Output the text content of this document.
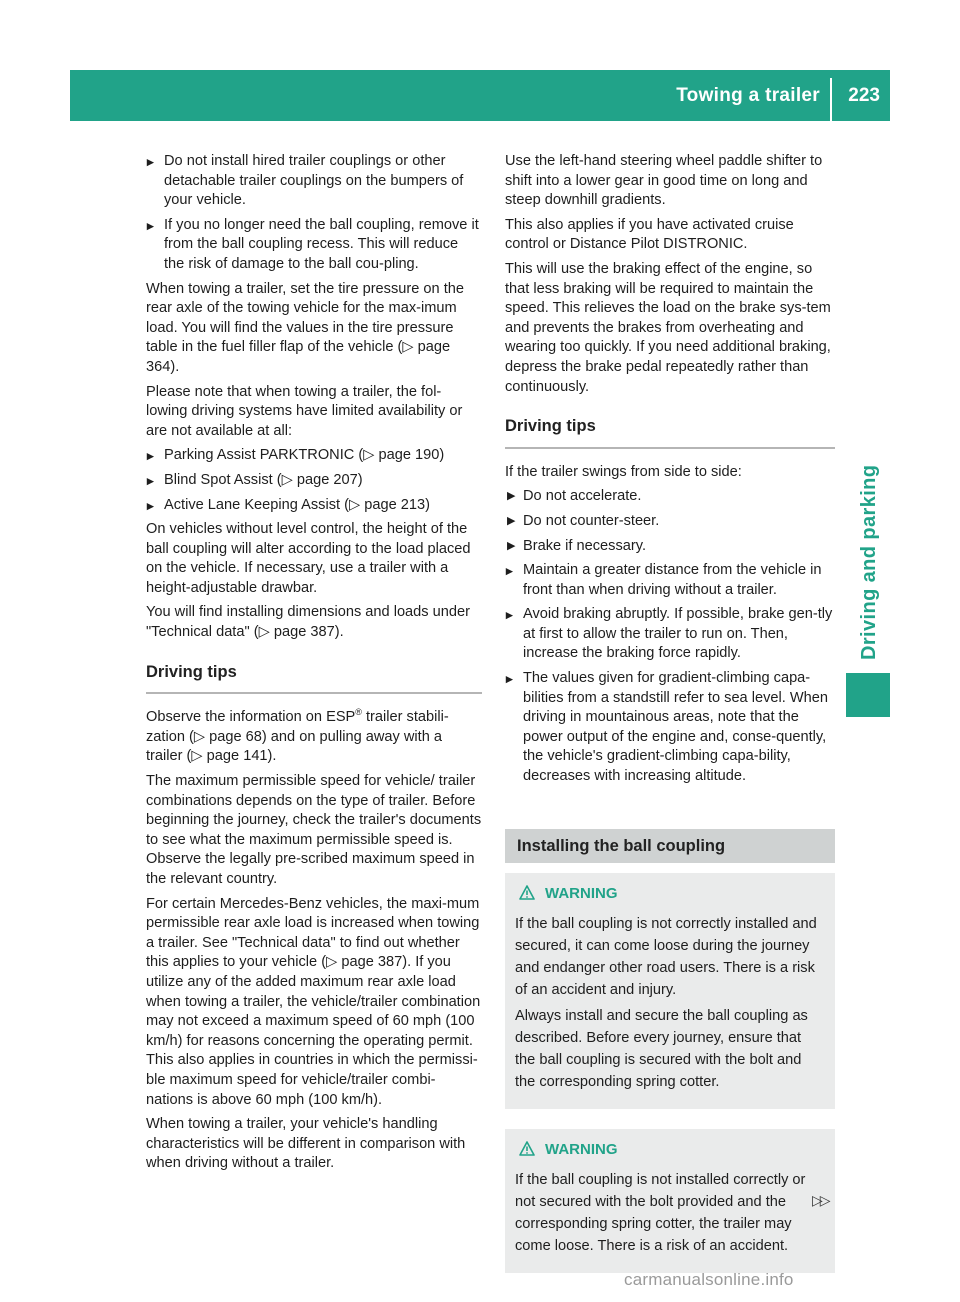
Towing a trailer 223
Driving and parking
▸ Do not install hired trailer couplings or other detachable trailer couplings on the bumpers of your vehicle.
▸ If you no longer need the ball coupling, remove it from the ball coupling recess. This will reduce the risk of damage to the ball cou-pling.

When towing a trailer, set the tire pressure on the rear axle of the towing vehicle for the max-imum load. You will find the values in the tire pressure table in the fuel filler flap of the vehicle (▷ page 364).

Please note that when towing a trailer, the fol-lowing driving systems have limited availability or are not available at all:

▸ Parking Assist PARKTRONIC (▷ page 190)
▸ Blind Spot Assist (▷ page 207)
▸ Active Lane Keeping Assist (▷ page 213)

On vehicles without level control, the height of the ball coupling will alter according to the load placed on the vehicle. If necessary, use a trailer with a height-adjustable drawbar.

You will find installing dimensions and loads under "Technical data" (▷ page 387).

Driving tips

Observe the information on ESP® trailer stabili-zation (▷ page 68) and on pulling away with a trailer (▷ page 141).

The maximum permissible speed for vehicle/ trailer combinations depends on the type of trailer. Before beginning the journey, check the trailer's documents to see what the maximum permissible speed is. Observe the legally pre-scribed maximum speed in the relevant country.

For certain Mercedes-Benz vehicles, the maxi-mum permissible rear axle load is increased when towing a trailer. See "Technical data" to find out whether this applies to your vehicle (▷ page 387). If you utilize any of the added maximum rear axle load when towing a trailer, the vehicle/trailer combination may not exceed a maximum speed of 60 mph (100 km/h) for reasons concerning the operating permit. This also applies in countries in which the permissi-ble maximum speed for vehicle/trailer combi-nations is above 60 mph (100 km/h).

When towing a trailer, your vehicle's handling characteristics will be different in comparison with when driving without a trailer.

Use the left-hand steering wheel paddle shifter to shift into a lower gear in good time on long and steep downhill gradients.

This also applies if you have activated cruise control or Distance Pilot DISTRONIC.

This will use the braking effect of the engine, so that less braking will be required to maintain the speed. This relieves the load on the brake sys-tem and prevents the brakes from overheating and wearing too quickly. If you need additional braking, depress the brake pedal repeatedly rather than continuously.

Driving tips

If the trailer swings from side to side:

▶ Do not accelerate.
▶ Do not counter-steer.
▶ Brake if necessary.
▸ Maintain a greater distance from the vehicle in front than when driving without a trailer.
▸ Avoid braking abruptly. If possible, brake gen-tly at first to allow the trailer to run on. Then, increase the braking force rapidly.
▸ The values given for gradient-climbing capa-bilities from a standstill refer to sea level. When driving in mountainous areas, note that the power output of the engine and, conse-quently, the vehicle's gradient-climbing capa-bility, decreases with increasing altitude.
Installing the ball coupling
WARNING

If the ball coupling is not correctly installed and secured, it can come loose during the journey and endanger other road users. There is a risk of an accident and injury.

Always install and secure the ball coupling as described. Before every journey, ensure that the ball coupling is secured with the bolt and the corresponding spring cotter.

WARNING

If the ball coupling is not installed correctly or not secured with the bolt provided and the corresponding spring cotter, the trailer may come loose. There is a risk of an accident.

▷▷
carmanualsonline.info
